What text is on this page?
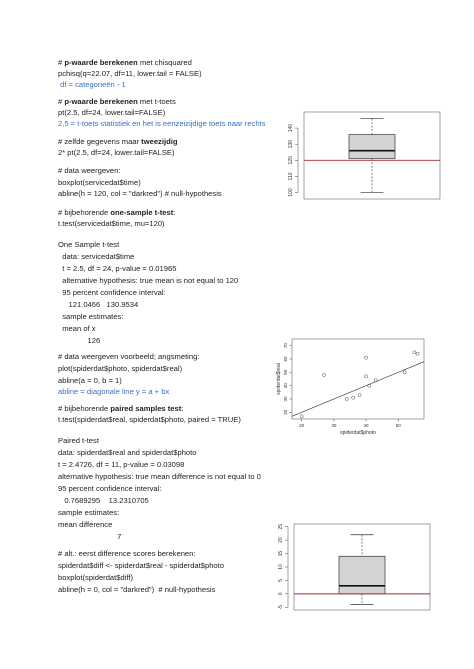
# p-waarde berekenen met chisquared
pchisq(q=22.07, df=11, lower.tail = FALSE)
df = categorieën - 1
# p-waarde berekenen met t-toets
pt(2.5, df=24, lower.tail=FALSE)
2,5 = t-toets statistiek en het is eenzeizijdige toets naar rechts
# zelfde gegevens maar tweezijdig
2* pt(2.5, df=24, lower.tail=FALSE)
# data weergeven:
boxplot(servicedat$time)
abline(h = 120, col = "darkred") # null-hypothesis
# bijbehorende one-sample t-test:
t.test(servicedat$time, mu=120)
One Sample t-test
data: servicedat$time
t = 2.5, df = 24, p-value = 0.01965
alternative hypothesis: true mean is not equal to 120
95 percent confidence interval:
121.0466   130.9534
sample estimates:
mean of x
126
# data weergeven voorbeeld; angsmeting:
plot(spiderdat$photo, spiderdat$real)
abline(a = 0, b = 1)
abline = diagonale line y = a + bx
# bijbehorende paired samples test:
t.test(spiderdat$real, spiderdat$photo, paired = TRUE)
Paired t-test
data: spiderdat$real and spiderdat$photo
t = 2.4726, df = 11, p-value = 0.03098
alternative hypothesis: true mean difference is not equal to 0
95 percent confidence interval:
0.7689295    13.2310705
sample estimates:
mean difference
7
# alt.: eerst difference scores berekenen:
spiderdat$diff <- spiderdat$real - spiderdat$photo
boxplot(spiderdat$diff)
abline(h = 0, col = "darkred")  # null-hypothesis
100
110
120
130
140
20	30	40	50
20
30
40
50
60
70
spiderdat$photo
spiderdat$real
-5
0
5
10
15
20
25
